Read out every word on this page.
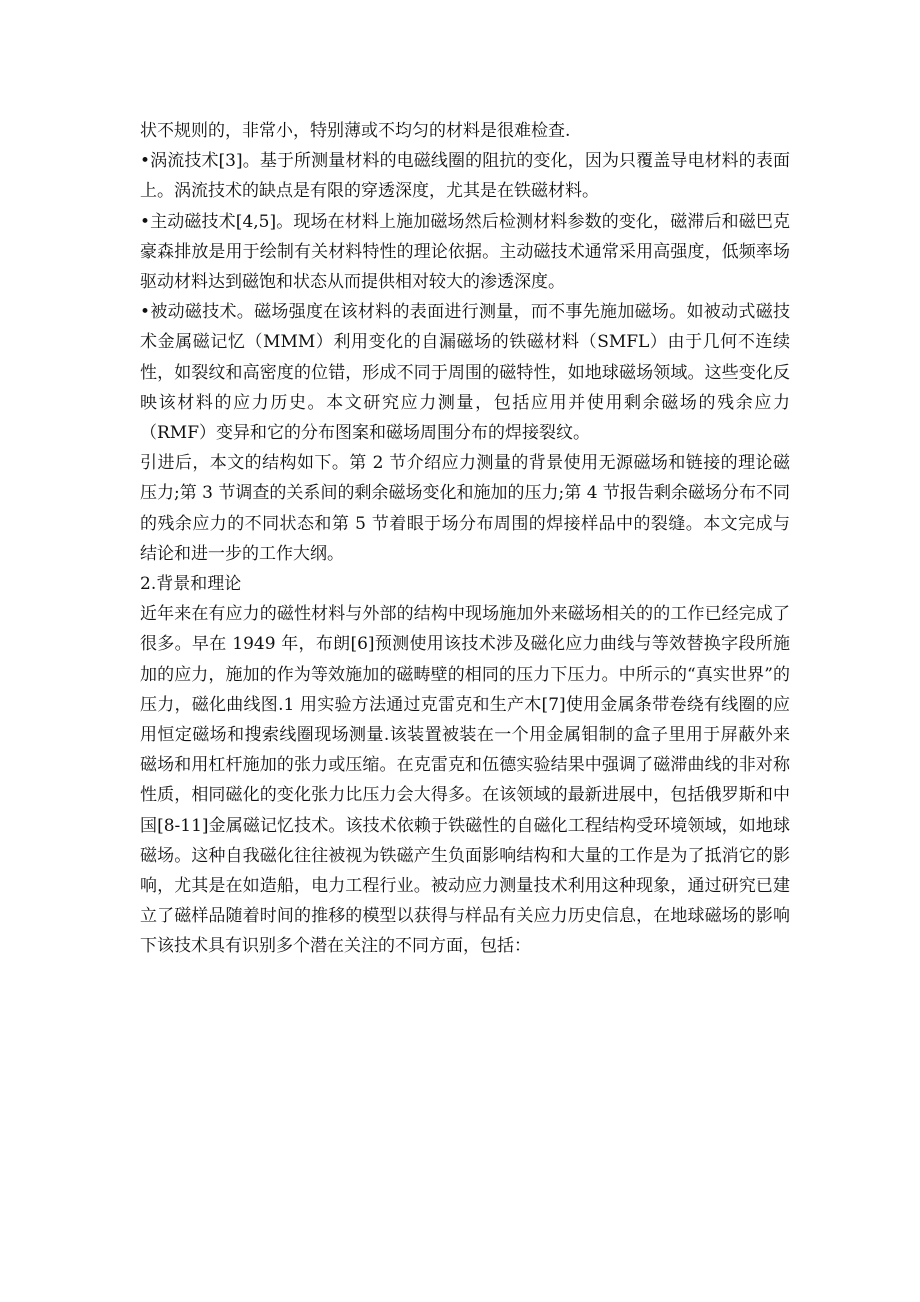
状不规则的，非常小，特别薄或不均匀的材料是很难检查.

•涡流技术[3]。基于所测量材料的电磁线圈的阻抗的变化，因为只覆盖导电材料的表面上。涡流技术的缺点是有限的穿透深度，尤其是在铁磁材料。

•主动磁技术[4,5]。现场在材料上施加磁场然后检测材料参数的变化，磁滞后和磁巴克豪森排放是用于绘制有关材料特性的理论依据。主动磁技术通常采用高强度，低频率场驱动材料达到磁饱和状态从而提供相对较大的渗透深度。

•被动磁技术。磁场强度在该材料的表面进行测量，而不事先施加磁场。如被动式磁技术金属磁记忆（MMM）利用变化的自漏磁场的铁磁材料（SMFL）由于几何不连续性，如裂纹和高密度的位错，形成不同于周围的磁特性，如地球磁场领域。这些变化反映该材料的应力历史。本文研究应力测量，包括应用并使用剩余磁场的残余应力（RMF）变异和它的分布图案和磁场周围分布的焊接裂纹。

引进后，本文的结构如下。第 2 节介绍应力测量的背景使用无源磁场和链接的理论磁压力;第 3 节调查的关系间的剩余磁场变化和施加的压力;第 4 节报告剩余磁场分布不同的残余应力的不同状态和第 5 节着眼于场分布周围的焊接样品中的裂缝。本文完成与结论和进一步的工作大纲。

2.背景和理论

近年来在有应力的磁性材料与外部的结构中现场施加外来磁场相关的的工作已经完成了很多。早在 1949 年，布朗[6]预测使用该技术涉及磁化应力曲线与等效替换字段所施加的应力，施加的作为等效施加的磁畴壁的相同的压力下压力。中所示的“真实世界”的压力，磁化曲线图.1 用实验方法通过克雷克和生产木[7]使用金属条带卷绕有线圈的应用恒定磁场和搜索线圈现场测量.该装置被装在一个用金属钼制的盒子里用于屏蔽外来磁场和用杠杆施加的张力或压缩。在克雷克和伍德实验结果中强调了磁滞曲线的非对称性质，相同磁化的变化张力比压力会大得多。在该领域的最新进展中，包括俄罗斯和中国[8-11]金属磁记忆技术。该技术依赖于铁磁性的自磁化工程结构受环境领域，如地球磁场。这种自我磁化往往被视为铁磁产生负面影响结构和大量的工作是为了抵消它的影响，尤其是在如造船，电力工程行业。被动应力测量技术利用这种现象，通过研究已建立了磁样品随着时间的推移的模型以获得与样品有关应力历史信息，在地球磁场的影响下该技术具有识别多个潜在关注的不同方面，包括：
